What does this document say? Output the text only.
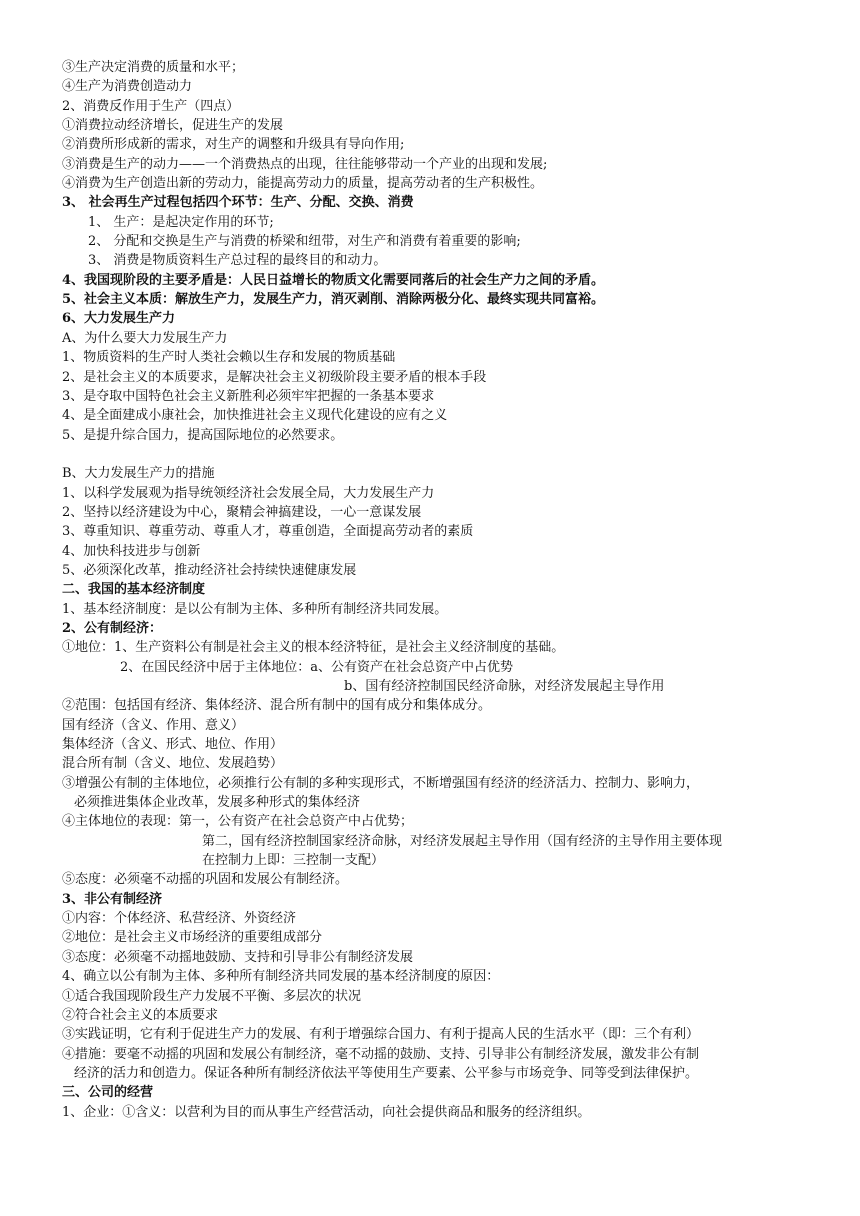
③生产决定消费的质量和水平；
④生产为消费创造动力
2、消费反作用于生产（四点）
①消费拉动经济增长，促进生产的发展
②消费所形成新的需求，对生产的调整和升级具有导向作用;
③消费是生产的动力——一个消费热点的出现，往往能够带动一个产业的出现和发展;
④消费为生产创造出新的劳动力，能提高劳动力的质量，提高劳动者的生产积极性。
3、 社会再生产过程包括四个环节：生产、分配、交换、消费
1、 生产：是起决定作用的环节;
2、 分配和交换是生产与消费的桥梁和纽带，对生产和消费有着重要的影响;
3、 消费是物质资料生产总过程的最终目的和动力。
4、我国现阶段的主要矛盾是：人民日益增长的物质文化需要同落后的社会生产力之间的矛盾。
5、社会主义本质：解放生产力，发展生产力，消灭剥削、消除两极分化、最终实现共同富裕。
6、大力发展生产力
A、为什么要大力发展生产力
1、物质资料的生产时人类社会赖以生存和发展的物质基础
2、是社会主义的本质要求，是解决社会主义初级阶段主要矛盾的根本手段
3、是夺取中国特色社会主义新胜利必须牢牢把握的一条基本要求
4、是全面建成小康社会，加快推进社会主义现代化建设的应有之义
5、是提升综合国力，提高国际地位的必然要求。
B、大力发展生产力的措施
1、以科学发展观为指导统领经济社会发展全局，大力发展生产力
2、坚持以经济建设为中心，聚精会神搞建设，一心一意谋发展
3、尊重知识、尊重劳动、尊重人才，尊重创造，全面提高劳动者的素质
4、加快科技进步与创新
5、必须深化改革，推动经济社会持续快速健康发展
二、我国的基本经济制度
1、基本经济制度：是以公有制为主体、多种所有制经济共同发展。
2、公有制经济：
①地位：1、生产资料公有制是社会主义的根本经济特征，是社会主义经济制度的基础。
2、在国民经济中居于主体地位：a、公有资产在社会总资产中占优势
b、国有经济控制国民经济命脉，对经济发展起主导作用
②范围：包括国有经济、集体经济、混合所有制中的国有成分和集体成分。
国有经济（含义、作用、意义）
集体经济（含义、形式、地位、作用）
混合所有制（含义、地位、发展趋势）
③增强公有制的主体地位，必须推行公有制的多种实现形式，不断增强国有经济的经济活力、控制力、影响力，
必须推进集体企业改革，发展多种形式的集体经济
④主体地位的表现：第一，公有资产在社会总资产中占优势；
第二，国有经济控制国家经济命脉，对经济发展起主导作用（国有经济的主导作用主要体现
在控制力上即：三控制一支配）
⑤态度：必须毫不动摇的巩固和发展公有制经济。
3、非公有制经济
①内容：个体经济、私营经济、外资经济
②地位：是社会主义市场经济的重要组成部分
③态度：必须毫不动摇地鼓励、支持和引导非公有制经济发展
4、确立以公有制为主体、多种所有制经济共同发展的基本经济制度的原因：
①适合我国现阶段生产力发展不平衡、多层次的状况
②符合社会主义的本质要求
③实践证明，它有利于促进生产力的发展、有利于增强综合国力、有利于提高人民的生活水平（即：三个有利）
④措施：要毫不动摇的巩固和发展公有制经济，毫不动摇的鼓励、支持、引导非公有制经济发展，激发非公有制
经济的活力和创造力。保证各种所有制经济依法平等使用生产要素、公平参与市场竞争、同等受到法律保护。
三、公司的经营
1、企业：①含义：以营利为目的而从事生产经营活动，向社会提供商品和服务的经济组织。
